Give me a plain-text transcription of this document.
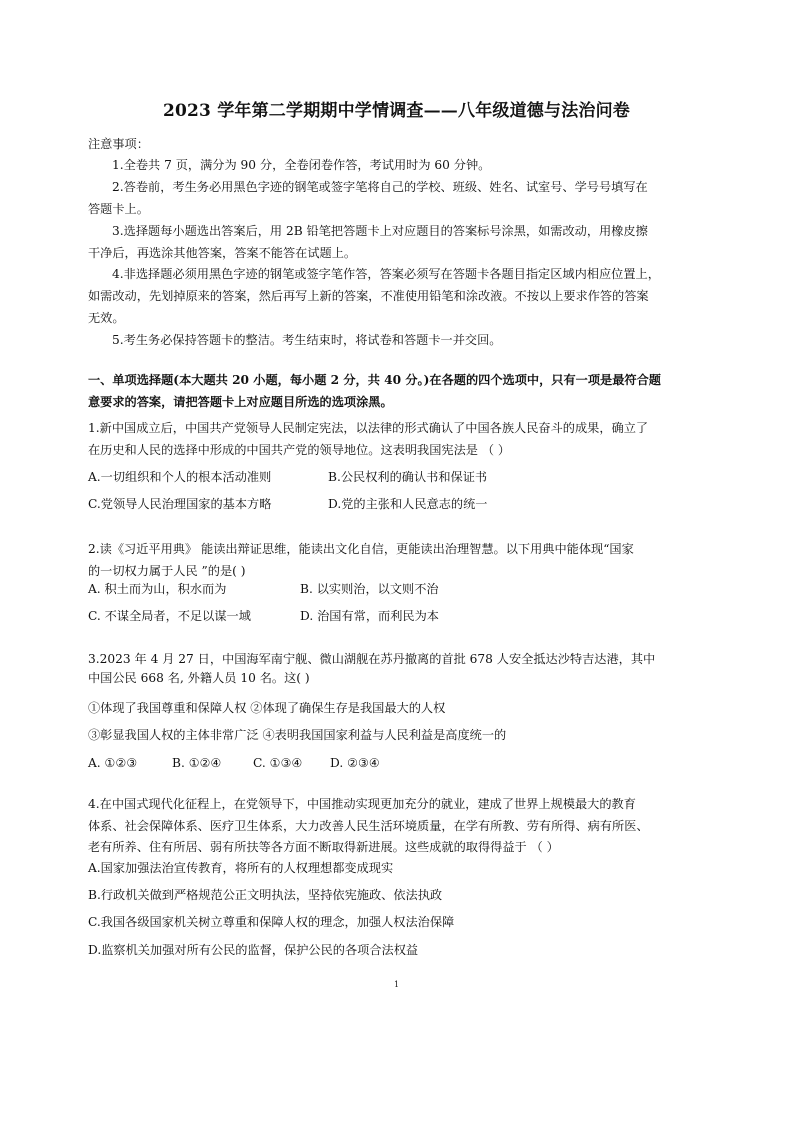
2023 学年第二学期期中学情调查——八年级道德与法治问卷
注意事项：
1.全卷共 7 页，满分为 90 分，全卷闭卷作答，考试用时为 60 分钟。
2.答卷前，考生务必用黑色字迹的钢笔或签字笔将自己的学校、班级、姓名、试室号、学号号填写在
答题卡上。
3.选择题每小题选出答案后，用 2B 铅笔把答题卡上对应题目的答案标号涂黑，如需改动，用橡皮擦
干净后，再选涂其他答案，答案不能答在试题上。
4.非选择题必须用黑色字迹的钢笔或签字笔作答，答案必须写在答题卡各题目指定区域内相应位置上，
如需改动，先划掉原来的答案，然后再写上新的答案，不准使用铅笔和涂改液。不按以上要求作答的答案
无效。
5.考生务必保持答题卡的整洁。考生结束时，将试卷和答题卡一并交回。
一、单项选择题(本大题共 20 小题，每小题 2 分，共 40 分。)在各题的四个选项中，只有一项是最符合题
意要求的答案，请把答题卡上对应题目所选的选项涂黑。
1.新中国成立后，中国共产党领导人民制定宪法，以法律的形式确认了中国各族人民奋斗的成果，确立了
在历史和人民的选择中形成的中国共产党的领导地位。这表明我国宪法是 （ ）
A.一切组织和个人的根本活动准则	B.公民权利的确认书和保证书
C.党领导人民治理国家的基本方略	D.党的主张和人民意志的统一
2.读《习近平用典》 能读出辩证思维，能读出文化自信，更能读出治理智慧。以下用典中能体现“国家
的一切权力属于人民 ”的是( )
A. 积土而为山，积水而为	B. 以实则治，以文则不治
C. 不谋全局者，不足以谋一域	D. 治国有常，而利民为本
3.2023 年 4 月 27 日，中国海军南宁舰、微山湖舰在苏丹撤离的首批 678 人安全抵达沙特吉达港，其中
中国公民 668 名, 外籍人员 10 名。这( )
①体现了我国尊重和保障人权 ②体现了确保生存是我国最大的人权
③彰显我国人权的主体非常广泛 ④表明我国国家利益与人民利益是高度统一的
A. ①②③	B. ①②④	C. ①③④ D. ②③④
4.在中国式现代化征程上，在党领导下，中国推动实现更加充分的就业，建成了世界上规模最大的教育
体系、社会保障体系、医疗卫生体系，大力改善人民生活环境质量，在学有所教、劳有所得、病有所医、
老有所养、住有所居、弱有所扶等各方面不断取得新进展。这些成就的取得得益于 （ ）
A.国家加强法治宣传教育，将所有的人权理想都变成现实
B.行政机关做到严格规范公正文明执法，坚持依宪施政、依法执政
C.我国各级国家机关树立尊重和保障人权的理念，加强人权法治保障
D.监察机关加强对所有公民的监督，保护公民的各项合法权益
1
